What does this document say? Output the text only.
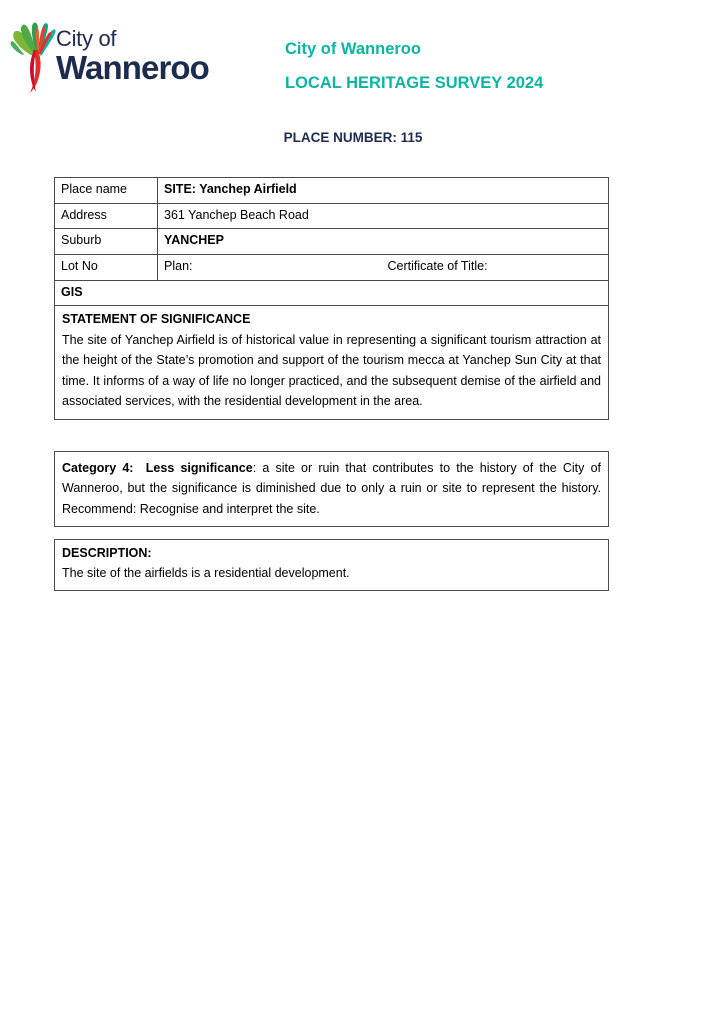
City of
Wanneroo	City of Wanneroo
LOCAL HERITAGE SURVEY 2024
PLACE NUMBER: 115
Place name	SITE: Yanchep Airfield
Address	361 Yanchep Beach Road
Suburb	YANCHEP
Lot No	Plan: Certificate of Title:
GIS	
STATEMENT OF SIGNIFICANCE
The site of Yanchep Airfield is of historical value in representing a significant tourism attraction at the height of the State’s promotion and support of the tourism mecca at Yanchep Sun City at that time. It informs of a way of life no longer practiced, and the subsequent demise of the airfield and associated services, with the residential development in the area.
Category 4: Less significance: a site or ruin that contributes to the history of the City of Wanneroo, but the significance is diminished due to only a ruin or site to represent the history. Recommend: Recognise and interpret the site.
DESCRIPTION:
The site of the airfields is a residential development.
